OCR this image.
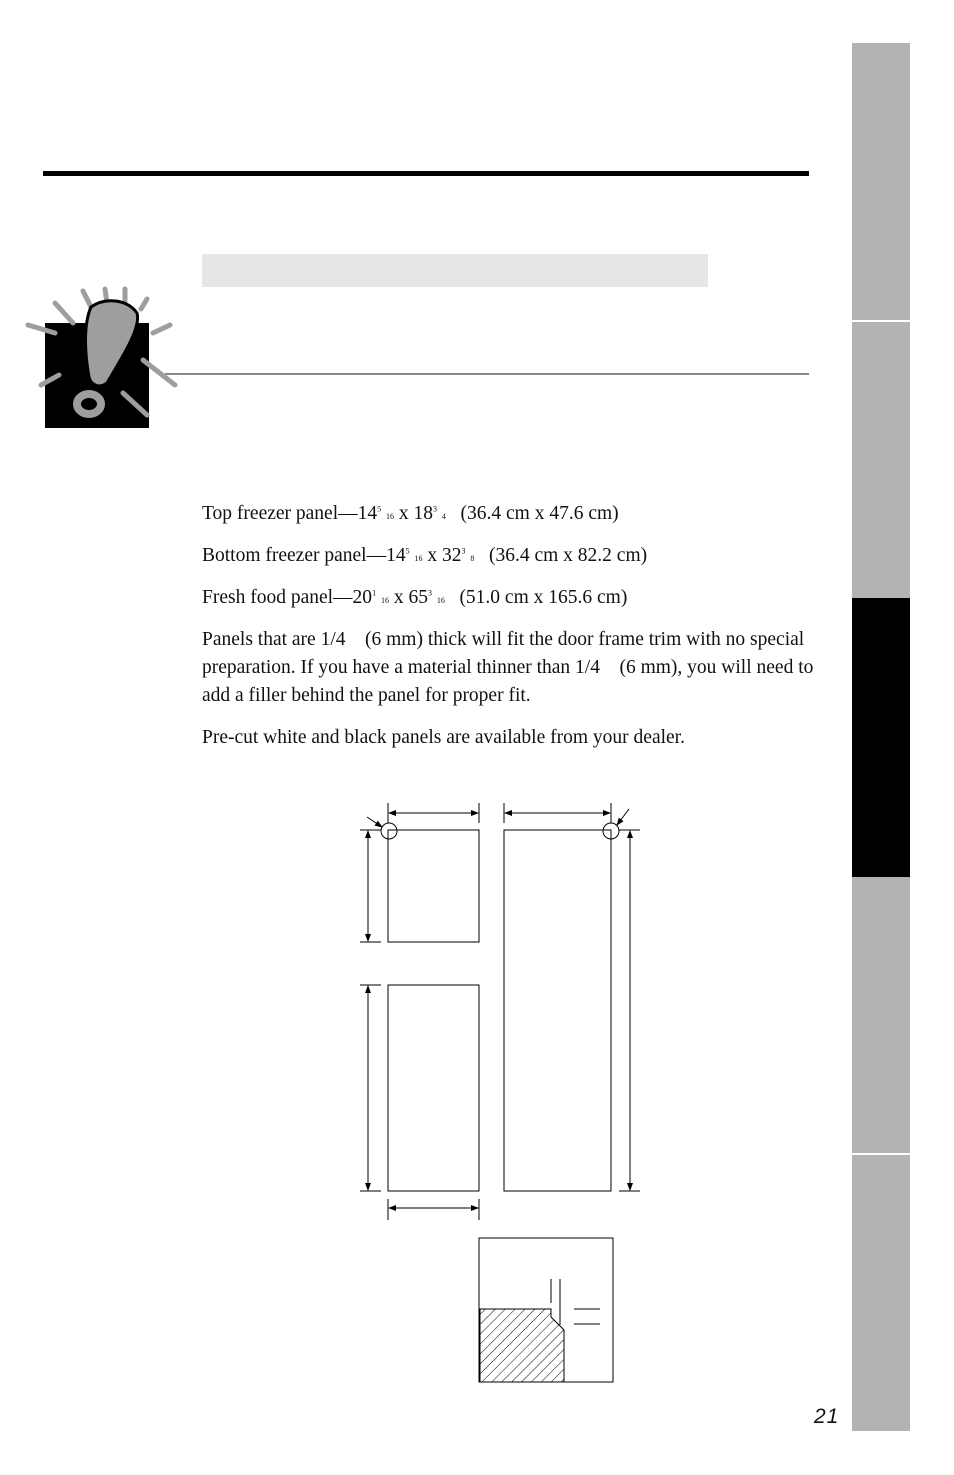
Top freezer $panel—14^5$ 16 x $18^3$ 4 (36.4 cm x 47.6 cm)

Bottom freezer $panel—14^5$ 16 x $32^3$ 8 (36.4 cm x 82.2 cm)

Fresh food $panel—20^1$ 16 x $65^3$ 16 (51.0 cm x 165.6 cm)

Panels that are 1/4 (6 mm) thick will fit the door frame trim with no special preparation. If you have a material thinner than 1/4 (6 mm), you will need to add a filler behind the panel for proper fit.

Pre-cut white and black panels are available from your dealer.

21
